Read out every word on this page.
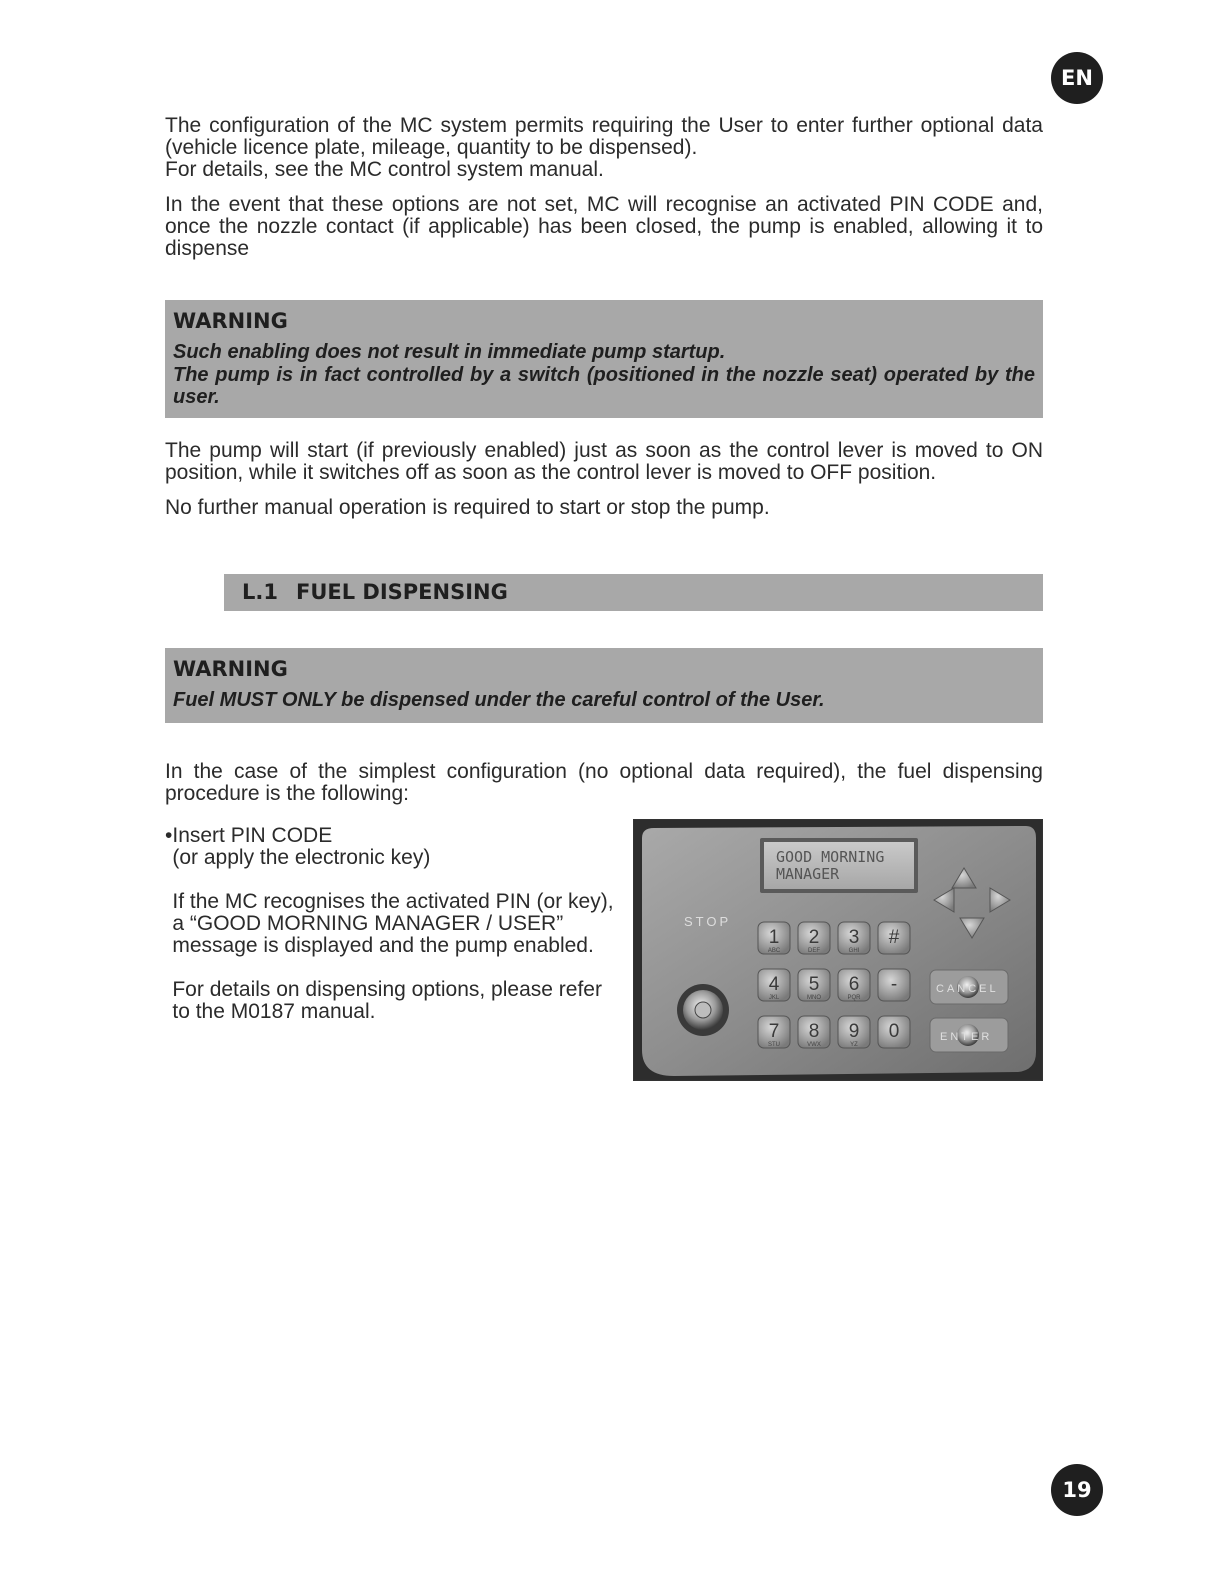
EN

The configuration of the MC system permits requiring the User to enter further optional data (vehicle licence plate, mileage, quantity to be dispensed).
For details, see the MC control system manual.

In the event that these options are not set, MC will recognise an activated PIN CODE and, once the nozzle contact (if applicable) has been closed, the pump is enabled, allowing it to dispense

WARNING
Such enabling does not result in immediate pump startup.
The pump is in fact controlled by a switch (positioned in the nozzle seat) operated by the user.

The pump will start (if previously enabled) just as soon as the control lever is moved to ON position, while it switches off as soon as the control lever is moved to OFF position.

No further manual operation is required to start or stop the pump.

L.1 FUEL DISPENSING
WARNING
Fuel MUST ONLY be dispensed under the careful control of the User.

In the case of the simplest configuration (no optional data required), the fuel dispensing procedure is the following:

• Insert PIN CODE
(or apply the electronic key)

If the MC recognises the activated PIN (or key), a “GOOD MORNING MANAGER / USER” message is displayed and the pump enabled.

For details on dispensing options, please refer to the M0187 manual.

GOOD MORNING
MANAGER
STOP
1
ABC
2
DEF
3
GHI
#
4
JKL
5
MNO
6
PQR
-
7
STU
8
VWX
9
YZ
0
CANCEL
ENTER
19
